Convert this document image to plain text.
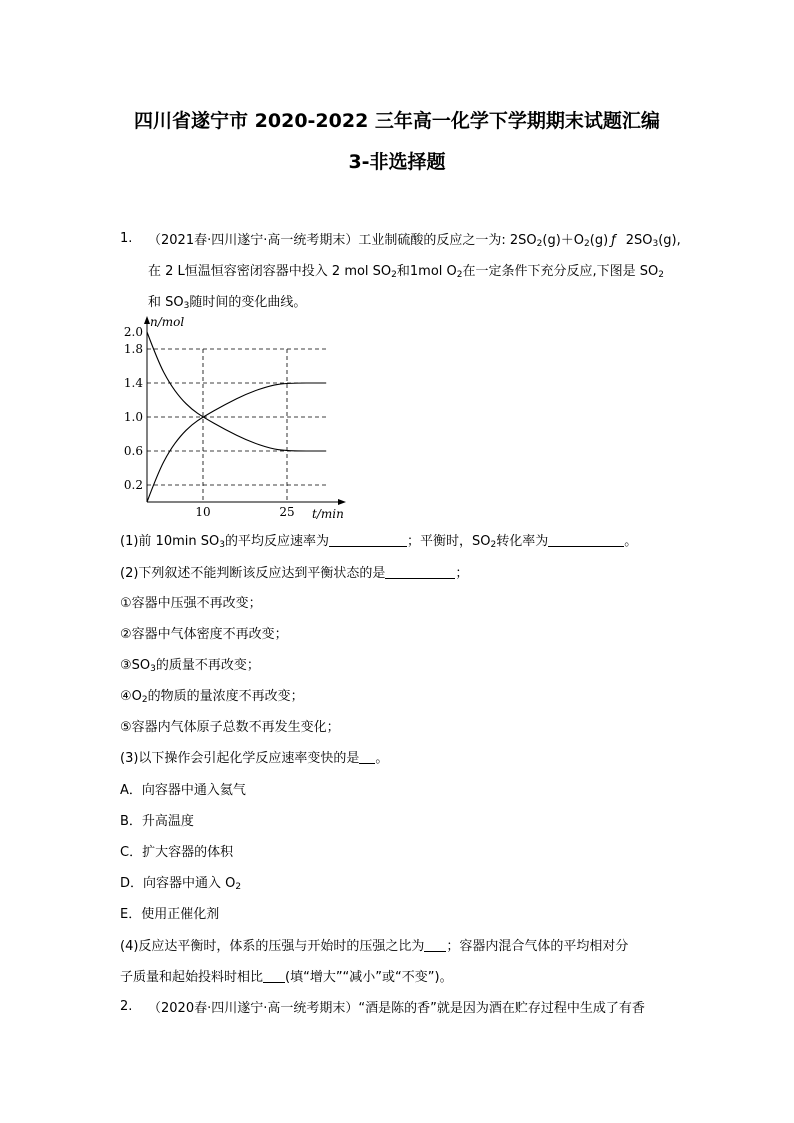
四川省遂宁市 2020-2022 三年高一化学下学期期末试题汇编
3-非选择题
1. （2021春·四川遂宁·高一统考期末）工业制硫酸的反应之一为: $2SO_2(g)+O_2(g)$ ƒ $2SO_3(g)$,
在 2 L恒温恒容密闭容器中投入 2 mol $SO_2$和1mol $O_2$在一定条件下充分反应,下图是 $SO_2$
和 $SO_3$随时间的变化曲线。
2.0
1.8
1.4
1.0
0.6
0.2
10	25
n/mol
t/min
(1)前 10min $SO_3$的平均反应速率为	；平衡时，$SO_2$转化率为	。
(2)下列叙述不能判断该反应达到平衡状态的是	；
①容器中压强不再改变；
②容器中气体密度不再改变；
$③SO_3$的质量不再改变；
$④O_2$的物质的量浓度不再改变；
⑤容器内气体原子总数不再发生变化；
(3)以下操作会引起化学反应速率变快的是 。
A．向容器中通入氦气
B．升高温度
C．扩大容器的体积
D．向容器中通入 $O_2$
E．使用正催化剂
(4)反应达平衡时，体系的压强与开始时的压强之比为 ；容器内混合气体的平均相对分
子质量和起始投料时相比 (填“增大”“减小”或“不变”)。
2. （2020春·四川遂宁·高一统考期末）“酒是陈的香”就是因为酒在贮存过程中生成了有香
